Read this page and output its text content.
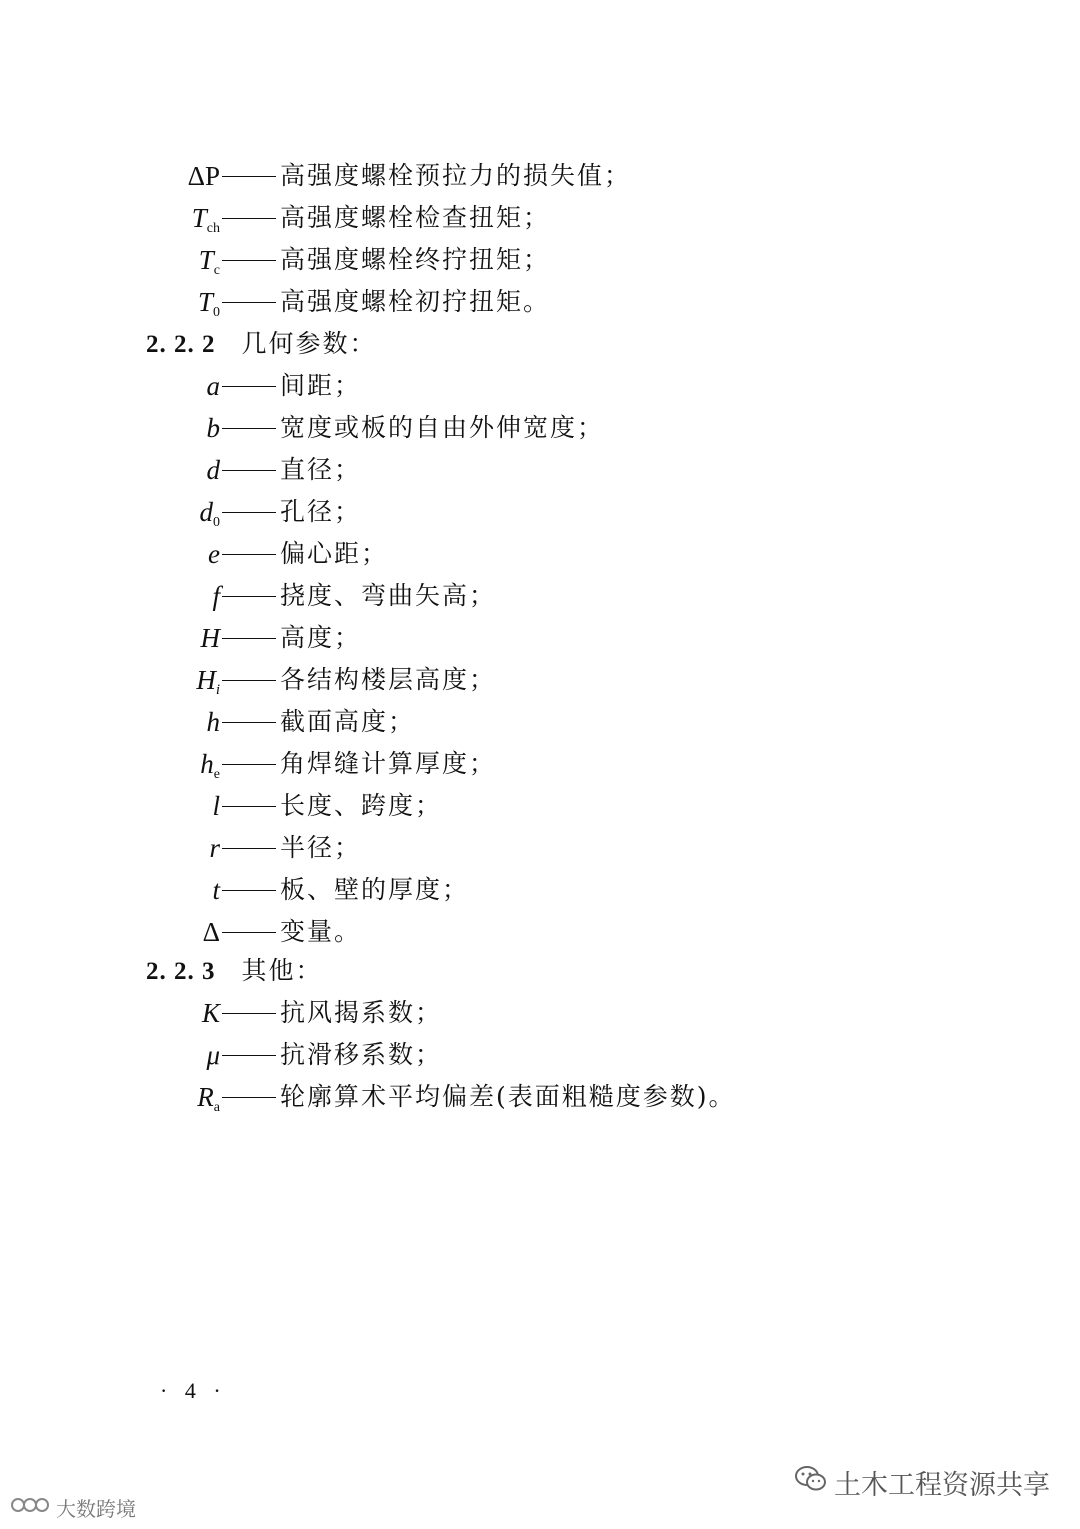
ΔP 高强度螺栓预拉力的损失值；
$T_{ch}$ 高强度螺栓检查扭矩；
$T_c$ 高强度螺栓终拧扭矩；
$T_0$ 高强度螺栓初拧扭矩。
2. 2. 2 几何参数：
a 间距；
b 宽度或板的自由外伸宽度；
d 直径；
$d_0$ 孔径；
e 偏心距；
f 挠度、弯曲矢高；
H 高度；
Hi 各结构楼层高度；
h 截面高度；
$h_e$ 角焊缝计算厚度；
l 长度、跨度；
r 半径；
t 板、壁的厚度；
Δ 变量。
2. 2. 3 其他：
K 抗风揭系数；
μ 抗滑移系数；
$R_a$ 轮廓算术平均偏差(表面粗糙度参数)。
· 4 ·
土木工程资源共享
大数跨境
